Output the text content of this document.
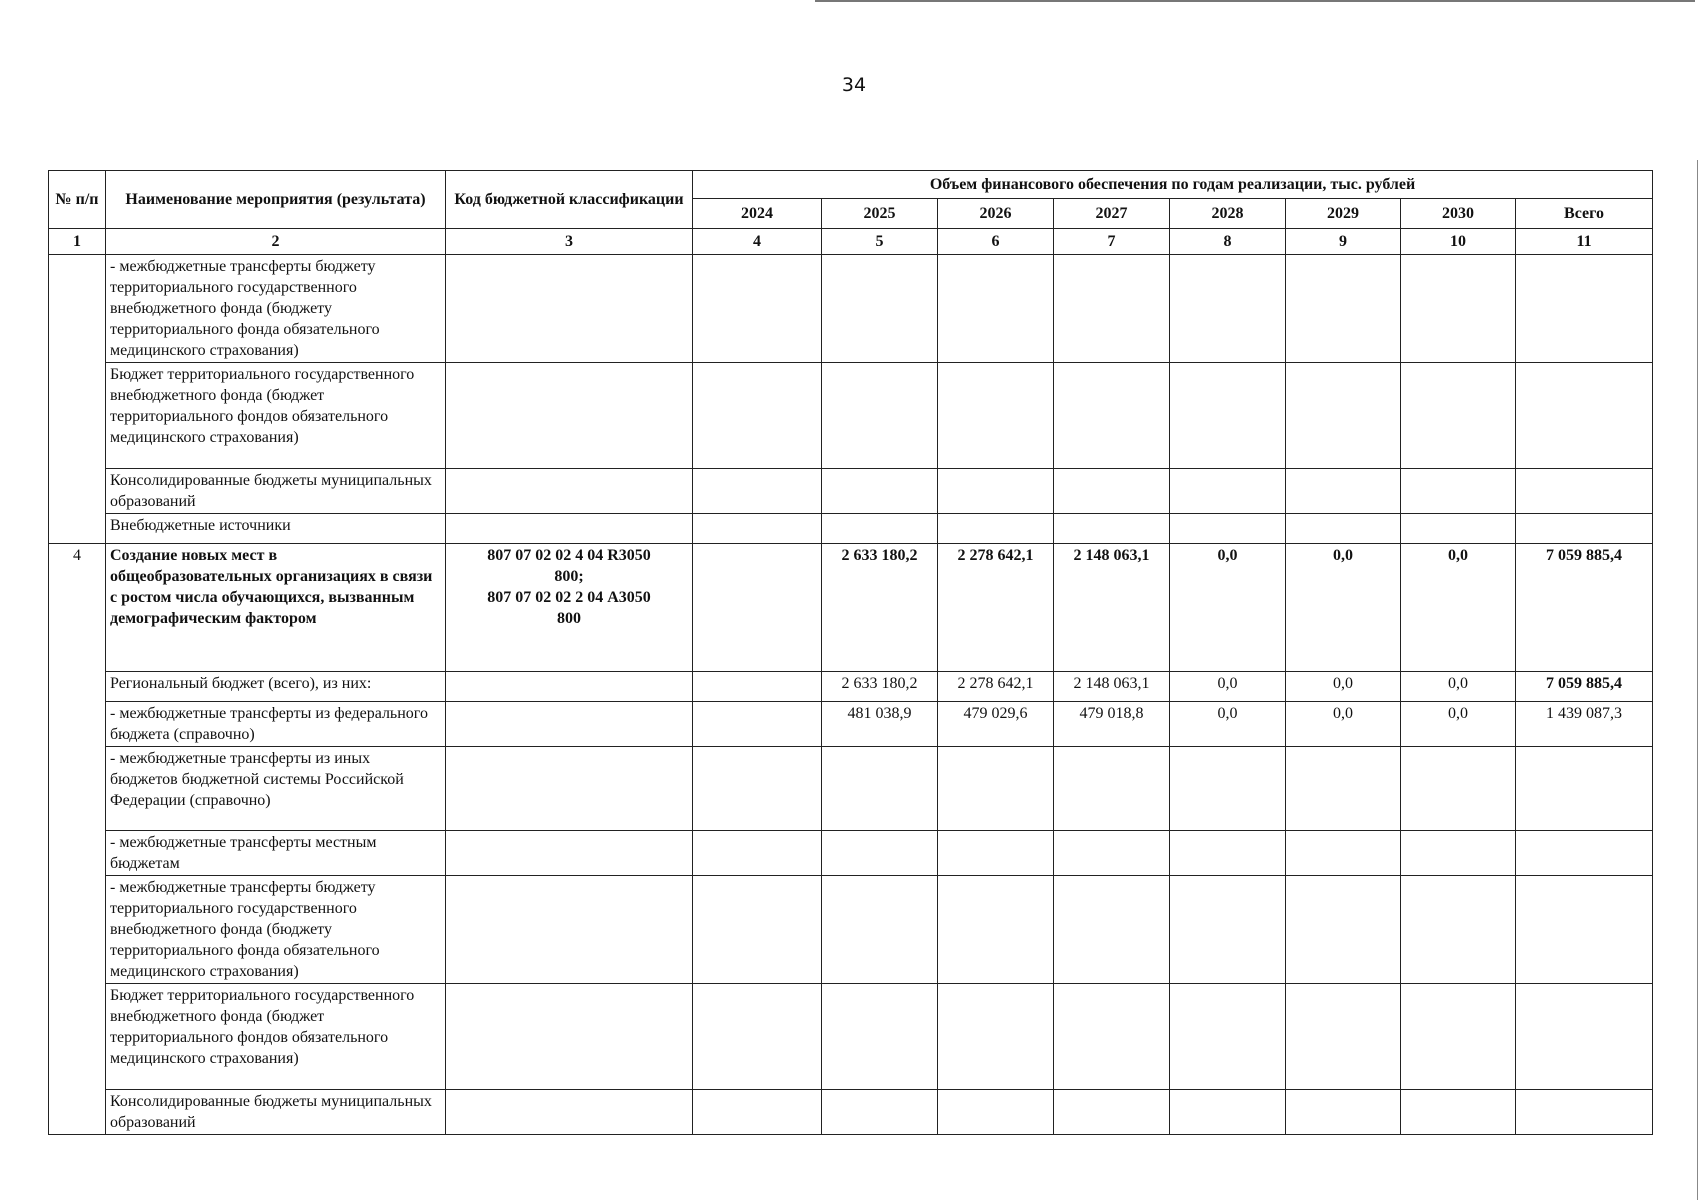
34
№ п/п	Наименование мероприятия (результата)	Код бюджетной классификации	Объем финансового обеспечения по годам реализации, тыс. рублей							
			2024	2025	2026	2027	2028	2029	2030	Всего
1	2	3	4	5	6	7	8	9	10	11
	- межбюджетные трансферты бюджету территориального государственного внебюджетного фонда (бюджету территориального фонда обязательного медицинского страхования)									
	Бюджет территориального государственного внебюджетного фонда (бюджет территориального фондов обязательного медицинского страхования)									
	Консолидированные бюджеты муниципальных образований									
	Внебюджетные источники									
4	Создание новых мест в общеобразовательных организациях в связи с ростом числа обучающихся, вызванным демографическим фактором	807 07 02 02 4 04 R3050
800;
807 07 02 02 2 04 А3050
800		2 633 180,2	2 278 642,1	2 148 063,1	0,0	0,0	0,0	7 059 885,4
	Региональный бюджет (всего), из них:			2 633 180,2	2 278 642,1	2 148 063,1	0,0	0,0	0,0	7 059 885,4
	- межбюджетные трансферты из федерального бюджета (справочно)			481 038,9	479 029,6	479 018,8	0,0	0,0	0,0	1 439 087,3
	- межбюджетные трансферты из иных бюджетов бюджетной системы Российской Федерации (справочно)									
	- межбюджетные трансферты местным бюджетам									
	- межбюджетные трансферты бюджету территориального государственного внебюджетного фонда (бюджету территориального фонда обязательного медицинского страхования)									
	Бюджет территориального государственного внебюджетного фонда (бюджет территориального фондов обязательного медицинского страхования)									
	Консолидированные бюджеты муниципальных образований									
